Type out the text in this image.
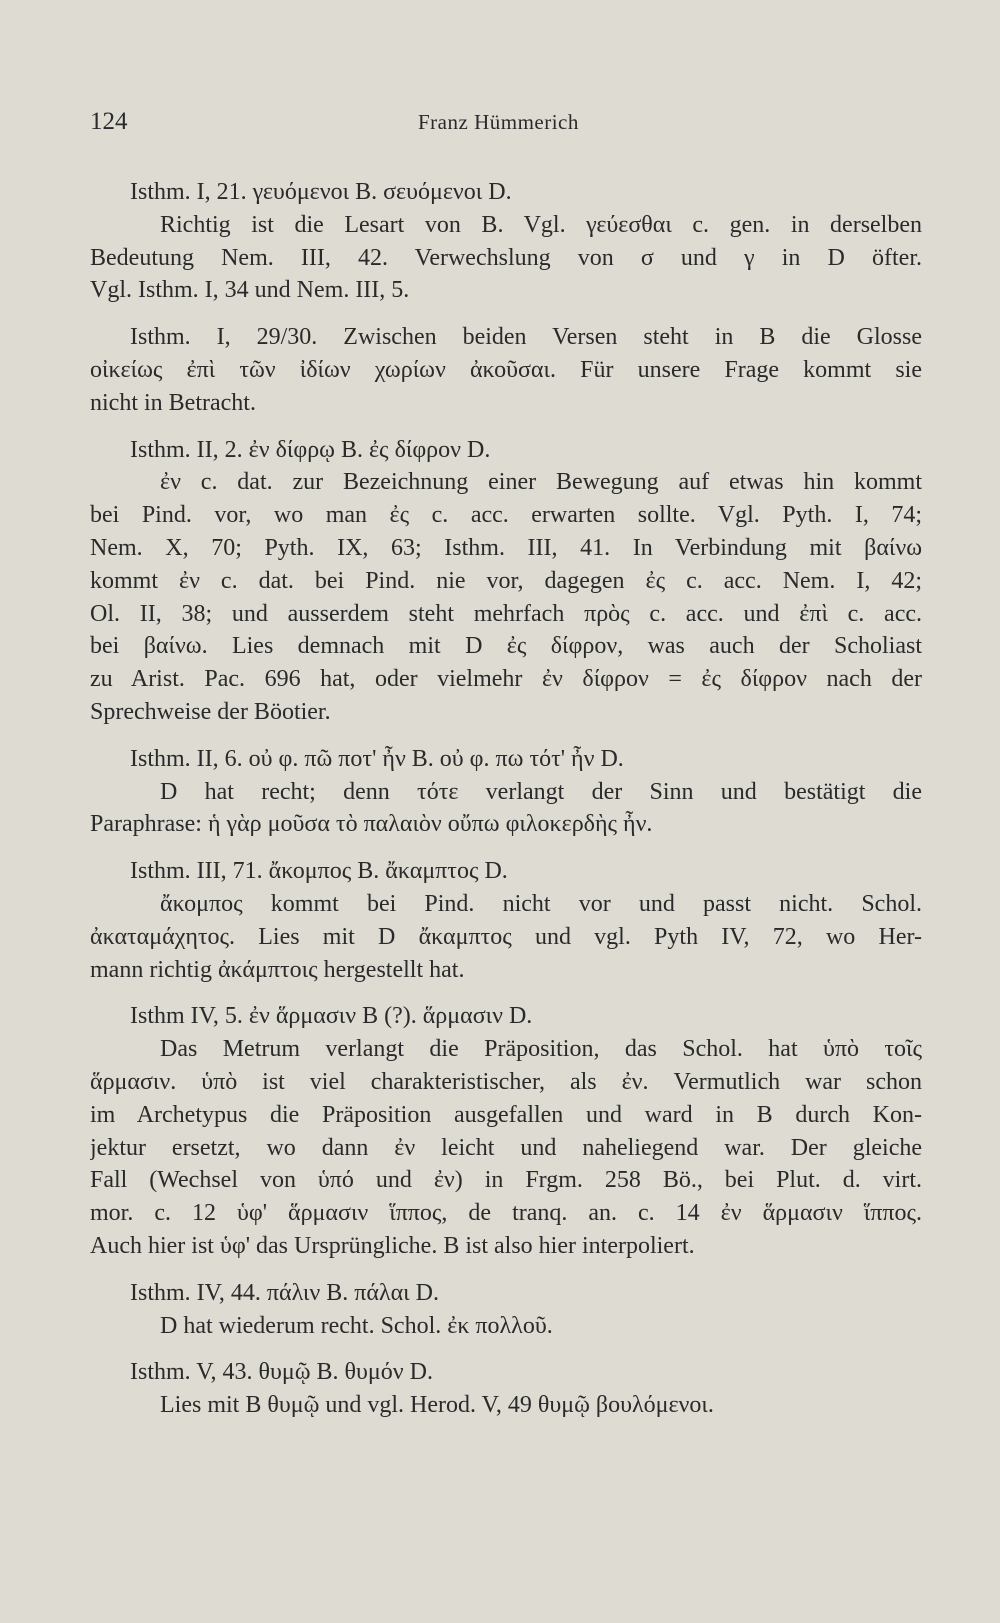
124	Franz Hümmerich
Isthm. I, 21. γευόμενοι B. σευόμενοι D.
Richtig ist die Lesart von B. Vgl. γεύεσθαι c. gen. in derselben
Bedeutung Nem. III, 42. Verwechslung von σ und γ in D öfter.
Vgl. Isthm. I, 34 und Nem. III, 5.
Isthm. I, 29/30. Zwischen beiden Versen steht in B die Glosse
οἰκείως ἐπὶ τῶν ἰδίων χωρίων ἀκοῦσαι. Für unsere Frage kommt sie
nicht in Betracht.
Isthm. II, 2. ἐν δίφρῳ B. ἐς δίφρον D.
ἐν c. dat. zur Bezeichnung einer Bewegung auf etwas hin kommt
bei Pind. vor, wo man ἐς c. acc. erwarten sollte. Vgl. Pyth. I, 74;
Nem. X, 70; Pyth. IX, 63; Isthm. III, 41. In Verbindung mit βαίνω
kommt ἐν c. dat. bei Pind. nie vor, dagegen ἐς c. acc. Nem. I, 42;
Ol. II, 38; und ausserdem steht mehrfach πρὸς c. acc. und ἐπὶ c. acc.
bei βαίνω. Lies demnach mit D ἐς δίφρον, was auch der Scholiast
zu Arist. Pac. 696 hat, oder vielmehr ἐν δίφρον = ἐς δίφρον nach der
Sprechweise der Böotier.
Isthm. II, 6. οὐ φ. πῶ ποτ' ἦν B. οὐ φ. πω τότ' ἦν D.
D hat recht; denn τότε verlangt der Sinn und bestätigt die
Paraphrase: ἡ γὰρ μοῦσα τὸ παλαιὸν οὔπω φιλοκερδὴς ἦν.
Isthm. III, 71. ἄκομπος B. ἄκαμπτος D.
ἄκομπος kommt bei Pind. nicht vor und passt nicht. Schol.
ἀκαταμάχητος. Lies mit D ἄκαμπτος und vgl. Pyth IV, 72, wo Her-
mann richtig ἀκάμπτοις hergestellt hat.
Isthm IV, 5. ἐν ἅρμασιν B (?). ἅρμασιν D.
Das Metrum verlangt die Präposition, das Schol. hat ὑπὸ τοῖς
ἅρμασιν. ὑπὸ ist viel charakteristischer, als ἐν. Vermutlich war schon
im Archetypus die Präposition ausgefallen und ward in B durch Kon-
jektur ersetzt, wo dann ἐν leicht und naheliegend war. Der gleiche
Fall (Wechsel von ὑπό und ἐν) in Frgm. 258 Bö., bei Plut. d. virt.
mor. c. 12 ὑφ' ἅρμασιν ἵππος, de tranq. an. c. 14 ἐν ἅρμασιν ἵππος.
Auch hier ist ὑφ' das Ursprüngliche. B ist also hier interpoliert.
Isthm. IV, 44. πάλιν B. πάλαι D.
D hat wiederum recht. Schol. ἐκ πολλοῦ.
Isthm. V, 43. θυμῷ B. θυμόν D.
Lies mit B θυμῷ und vgl. Herod. V, 49 θυμῷ βουλόμενοι.
